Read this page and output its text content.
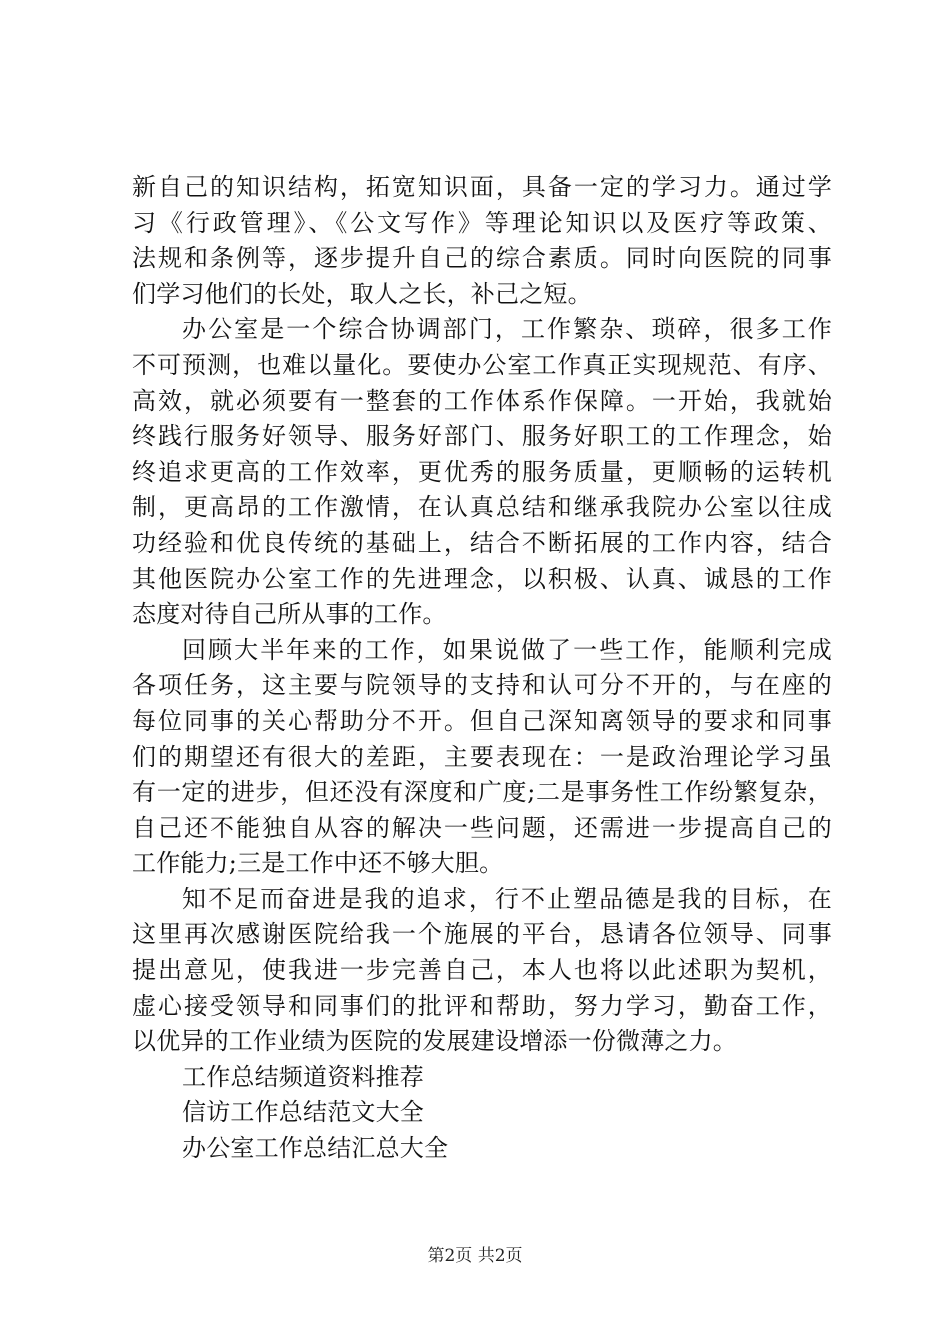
新自己的知识结构，拓宽知识面，具备一定的学习力。通过学
习《行政管理》、《公文写作》等理论知识以及医疗等政策、
法规和条例等，逐步提升自己的综合素质。同时向医院的同事
们学习他们的长处，取人之长，补己之短。
办公室是一个综合协调部门，工作繁杂、琐碎，很多工作
不可预测，也难以量化。要使办公室工作真正实现规范、有序、
高效，就必须要有一整套的工作体系作保障。一开始，我就始
终践行服务好领导、服务好部门、服务好职工的工作理念，始
终追求更高的工作效率，更优秀的服务质量，更顺畅的运转机
制，更高昂的工作激情，在认真总结和继承我院办公室以往成
功经验和优良传统的基础上，结合不断拓展的工作内容，结合
其他医院办公室工作的先进理念，以积极、认真、诚恳的工作
态度对待自己所从事的工作。
回顾大半年来的工作，如果说做了一些工作，能顺利完成
各项任务，这主要与院领导的支持和认可分不开的，与在座的
每位同事的关心帮助分不开。但自己深知离领导的要求和同事
们的期望还有很大的差距，主要表现在：一是政治理论学习虽
有一定的进步，但还没有深度和广度;二是事务性工作纷繁复杂，
自己还不能独自从容的解决一些问题，还需进一步提高自己的
工作能力;三是工作中还不够大胆。
知不足而奋进是我的追求，行不止塑品德是我的目标，在
这里再次感谢医院给我一个施展的平台，恳请各位领导、同事
提出意见，使我进一步完善自己，本人也将以此述职为契机，
虚心接受领导和同事们的批评和帮助，努力学习，勤奋工作，
以优异的工作业绩为医院的发展建设增添一份微薄之力。
工作总结频道资料推荐
信访工作总结范文大全
办公室工作总结汇总大全
第2页 共2页
